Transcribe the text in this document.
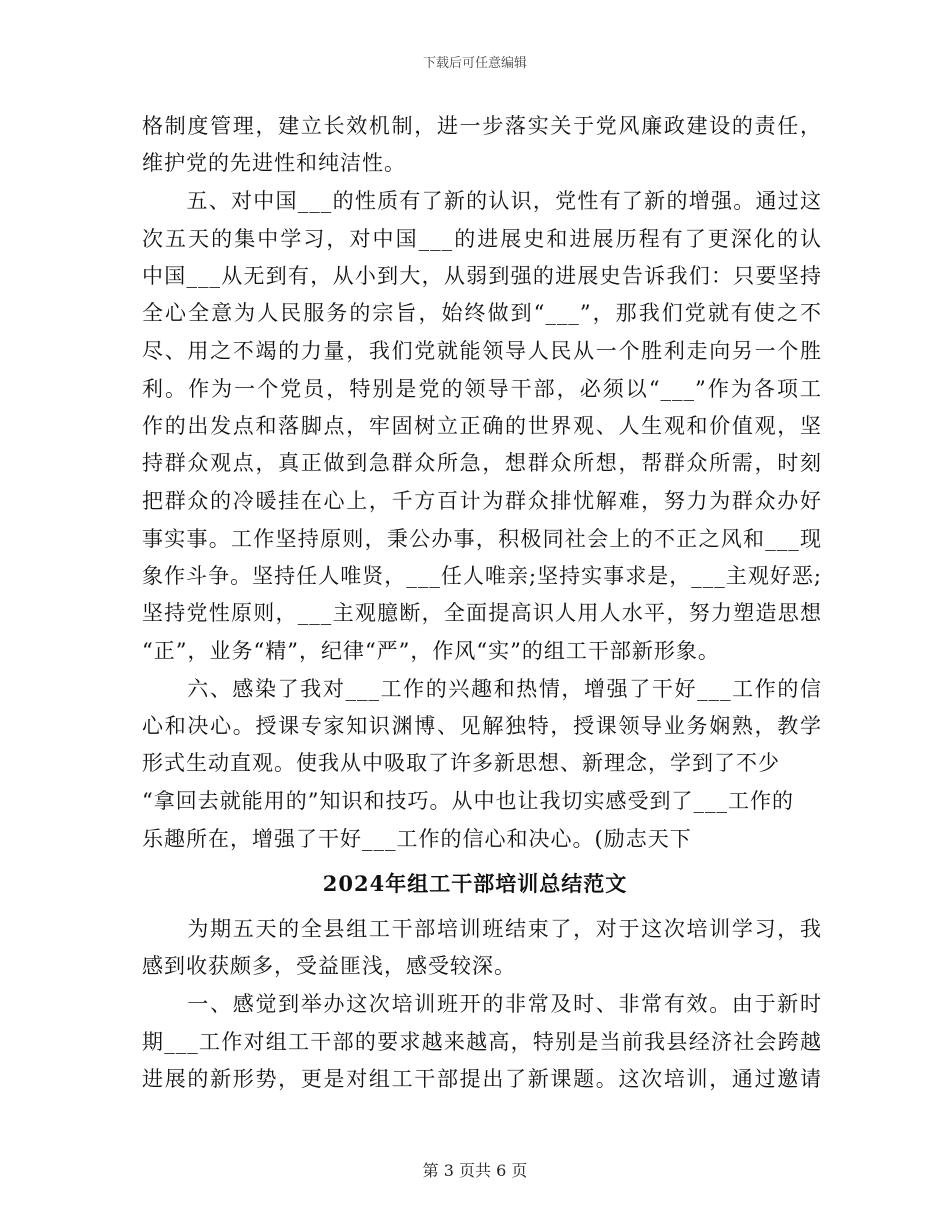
下载后可任意编辑
格制度管理，建立长效机制，进一步落实关于党风廉政建设的责任，
维护党的先进性和纯洁性。
　　五、对中国___的性质有了新的认识，党性有了新的增强。通过这
次五天的集中学习，对中国___的进展史和进展历程有了更深化的认
中国___从无到有，从小到大，从弱到强的进展史告诉我们：只要坚持
全心全意为人民服务的宗旨，始终做到“___”，那我们党就有使之不
尽、用之不竭的力量，我们党就能领导人民从一个胜利走向另一个胜
利。作为一个党员，特别是党的领导干部，必须以“___”作为各项工
作的出发点和落脚点，牢固树立正确的世界观、人生观和价值观，坚
持群众观点，真正做到急群众所急，想群众所想，帮群众所需，时刻
把群众的冷暖挂在心上，千方百计为群众排忧解难，努力为群众办好
事实事。工作坚持原则，秉公办事，积极同社会上的不正之风和___现
象作斗争。坚持任人唯贤，___任人唯亲;坚持实事求是，___主观好恶;
坚持党性原则，___主观臆断，全面提高识人用人水平，努力塑造思想
“正”，业务“精”，纪律“严”，作风“实”的组工干部新形象。
　　六、感染了我对___工作的兴趣和热情，增强了干好___工作的信
心和决心。授课专家知识渊博、见解独特，授课领导业务娴熟，教学
形式生动直观。使我从中吸取了许多新思想、新理念，学到了不少
“拿回去就能用的”知识和技巧。从中也让我切实感受到了___工作的
乐趣所在，增强了干好___工作的信心和决心。(励志天下
2024年组工干部培训总结范文
　　为期五天的全县组工干部培训班结束了，对于这次培训学习，我
感到收获颇多，受益匪浅，感受较深。
　　一、感觉到举办这次培训班开的非常及时、非常有效。由于新时
期___工作对组工干部的要求越来越高，特别是当前我县经济社会跨越
进展的新形势，更是对组工干部提出了新课题。这次培训，通过邀请
第 3 页共 6 页
